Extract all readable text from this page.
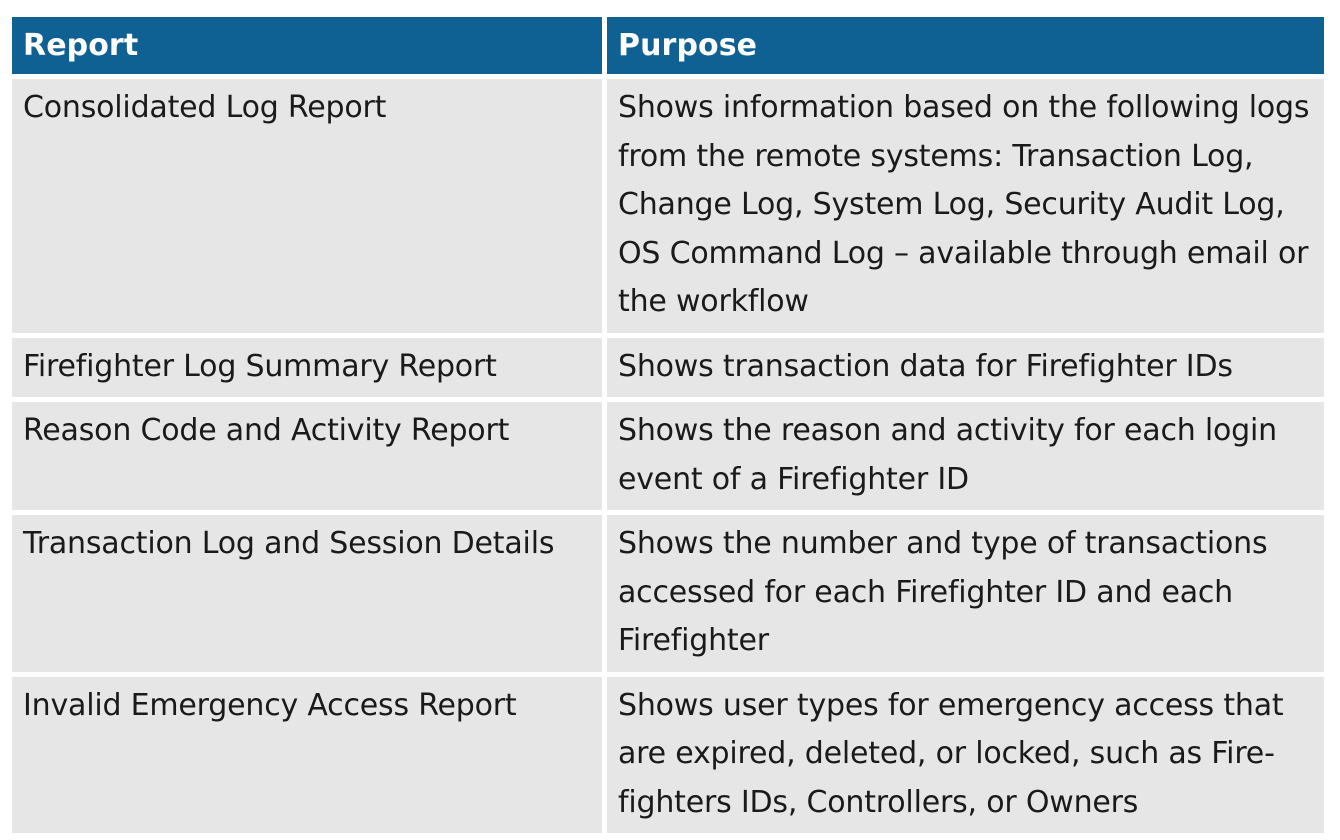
Report	Purpose
Consolidated Log Report	Shows information based on the following logs from the remote systems: Transaction Log, Change Log, System Log, Security Audit Log, OS Command Log – available through email or the workflow
Firefighter Log Summary Report	Shows transaction data for Firefighter IDs
Reason Code and Activity Report	Shows the reason and activity for each login event of a Firefighter ID
Transaction Log and Session Details	Shows the number and type of transactions accessed for each Firefighter ID and each Firefighter
Invalid Emergency Access Report	Shows user types for emergency access that are expired, deleted, or locked, such as Firefighters IDs, Controllers, or Owners
